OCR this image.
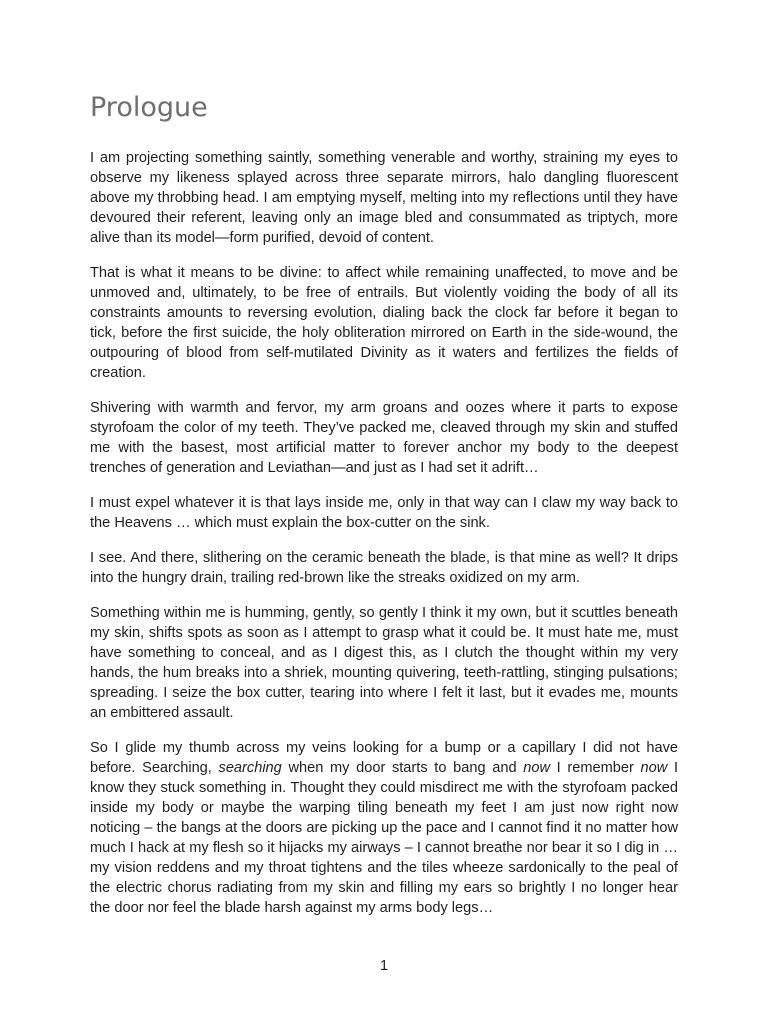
Prologue

I am projecting something saintly, something venerable and worthy, straining my eyes to observe my likeness splayed across three separate mirrors, halo dangling fluorescent above my throbbing head. I am emptying myself, melting into my reflections until they have devoured their referent, leaving only an image bled and consummated as triptych, more alive than its model—form purified, devoid of content.

That is what it means to be divine: to affect while remaining unaffected, to move and be unmoved and, ultimately, to be free of entrails. But violently voiding the body of all its constraints amounts to reversing evolution, dialing back the clock far before it began to tick, before the first suicide, the holy obliteration mirrored on Earth in the side-wound, the outpouring of blood from self-mutilated Divinity as it waters and fertilizes the fields of creation.

Shivering with warmth and fervor, my arm groans and oozes where it parts to expose styrofoam the color of my teeth. They’ve packed me, cleaved through my skin and stuffed me with the basest, most artificial matter to forever anchor my body to the deepest trenches of generation and Leviathan—and just as I had set it adrift…

I must expel whatever it is that lays inside me, only in that way can I claw my way back to the Heavens … which must explain the box-cutter on the sink.

I see. And there, slithering on the ceramic beneath the blade, is that mine as well? It drips into the hungry drain, trailing red-brown like the streaks oxidized on my arm.

Something within me is humming, gently, so gently I think it my own, but it scuttles beneath my skin, shifts spots as soon as I attempt to grasp what it could be. It must hate me, must have something to conceal, and as I digest this, as I clutch the thought within my very hands, the hum breaks into a shriek, mounting quivering, teeth-rattling, stinging pulsations; spreading. I seize the box cutter, tearing into where I felt it last, but it evades me, mounts an embittered assault.

So I glide my thumb across my veins looking for a bump or a capillary I did not have before. Searching, searching when my door starts to bang and now I remember now I know they stuck something in. Thought they could misdirect me with the styrofoam packed inside my body or maybe the warping tiling beneath my feet I am just now right now noticing – the bangs at the doors are picking up the pace and I cannot find it no matter how much I hack at my flesh so it hijacks my airways – I cannot breathe nor bear it so I dig in … my vision reddens and my throat tightens and the tiles wheeze sardonically to the peal of the electric chorus radiating from my skin and filling my ears so brightly I no longer hear the door nor feel the blade harsh against my arms body legs…

1
